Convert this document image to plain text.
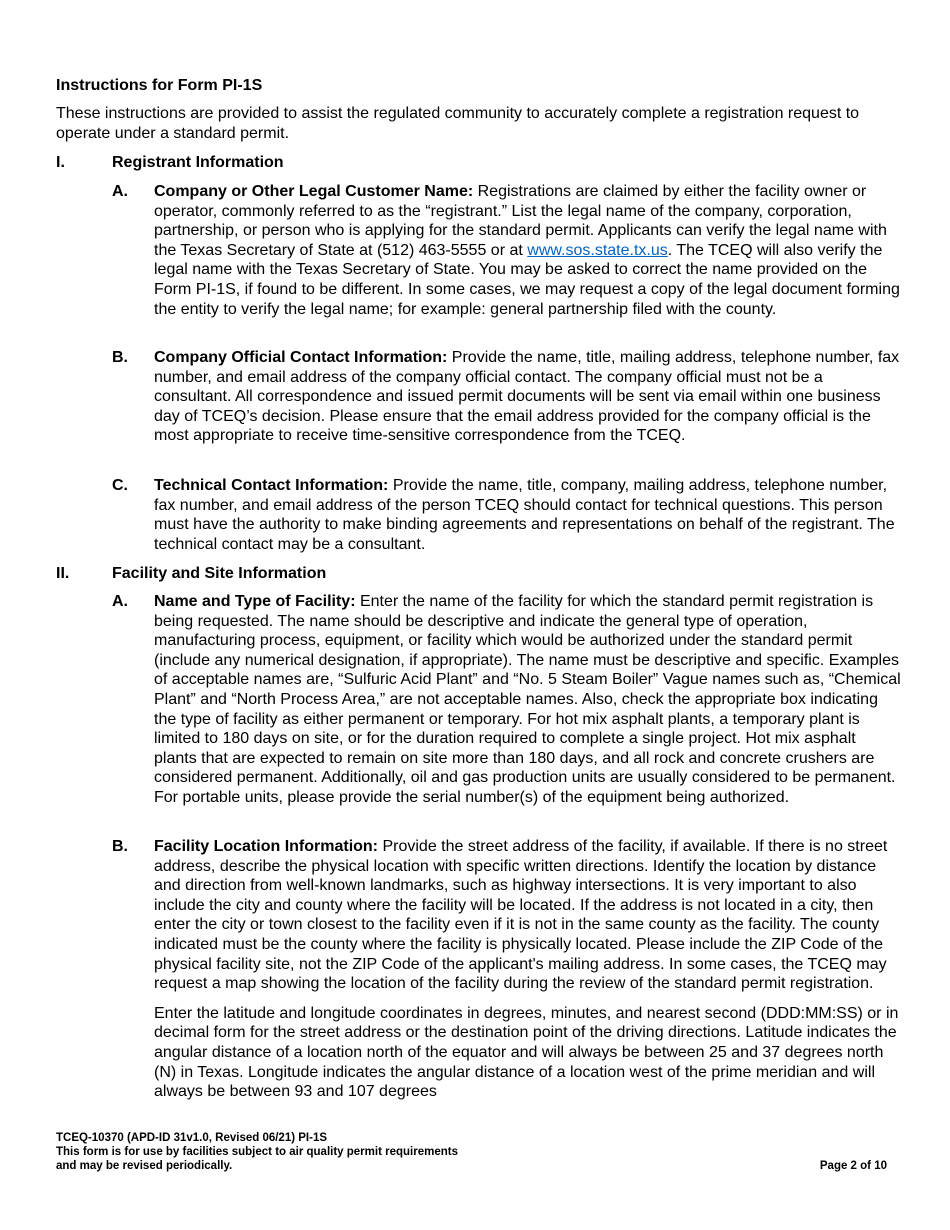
Instructions for Form PI-1S

These instructions are provided to assist the regulated community to accurately complete a registration request to operate under a standard permit.

I.	Registrant Information
A. Company or Other Legal Customer Name: Registrations are claimed by either the facility owner or operator, commonly referred to as the “registrant.” List the legal name of the company, corporation, partnership, or person who is applying for the standard permit. Applicants can verify the legal name with the Texas Secretary of State at (512) 463-5555 or at www.sos.state.tx.us. The TCEQ will also verify the legal name with the Texas Secretary of State. You may be asked to correct the name provided on the Form PI-1S, if found to be different. In some cases, we may request a copy of the legal document forming the entity to verify the legal name; for example: general partnership filed with the county.

B. Company Official Contact Information: Provide the name, title, mailing address, telephone number, fax number, and email address of the company official contact. The company official must not be a consultant. All correspondence and issued permit documents will be sent via email within one business day of TCEQ’s decision. Please ensure that the email address provided for the company official is the most appropriate to receive time-sensitive correspondence from the TCEQ.

C. Technical Contact Information: Provide the name, title, company, mailing address, telephone number, fax number, and email address of the person TCEQ should contact for technical questions. This person must have the authority to make binding agreements and representations on behalf of the registrant. The technical contact may be a consultant.

II.	Facility and Site Information
A. Name and Type of Facility: Enter the name of the facility for which the standard permit registration is being requested. The name should be descriptive and indicate the general type of operation, manufacturing process, equipment, or facility which would be authorized under the standard permit (include any numerical designation, if appropriate). The name must be descriptive and specific. Examples of acceptable names are, “Sulfuric Acid Plant” and “No. 5 Steam Boiler” Vague names such as, “Chemical Plant” and “North Process Area,” are not acceptable names. Also, check the appropriate box indicating the type of facility as either permanent or temporary. For hot mix asphalt plants, a temporary plant is limited to 180 days on site, or for the duration required to complete a single project. Hot mix asphalt plants that are expected to remain on site more than 180 days, and all rock and concrete crushers are considered permanent. Additionally, oil and gas production units are usually considered to be permanent. For portable units, please provide the serial number(s) of the equipment being authorized.

B. Facility Location Information: Provide the street address of the facility, if available. If there is no street address, describe the physical location with specific written directions. Identify the location by distance and direction from well-known landmarks, such as highway intersections. It is very important to also include the city and county where the facility will be located. If the address is not located in a city, then enter the city or town closest to the facility even if it is not in the same county as the facility. The county indicated must be the county where the facility is physically located. Please include the ZIP Code of the physical facility site, not the ZIP Code of the applicant's mailing address. In some cases, the TCEQ may request a map showing the location of the facility during the review of the standard permit registration.

Enter the latitude and longitude coordinates in degrees, minutes, and nearest second (DDD:MM:SS) or in decimal form for the street address or the destination point of the driving directions. Latitude indicates the angular distance of a location north of the equator and will always be between 25 and 37 degrees north (N) in Texas. Longitude indicates the angular distance of a location west of the prime meridian and will always be between 93 and 107 degrees

TCEQ-10370 (APD-ID 31v1.0, Revised 06/21) PI-1S
This form is for use by facilities subject to air quality permit requirements
and may be revised periodically.	Page 2 of 10
